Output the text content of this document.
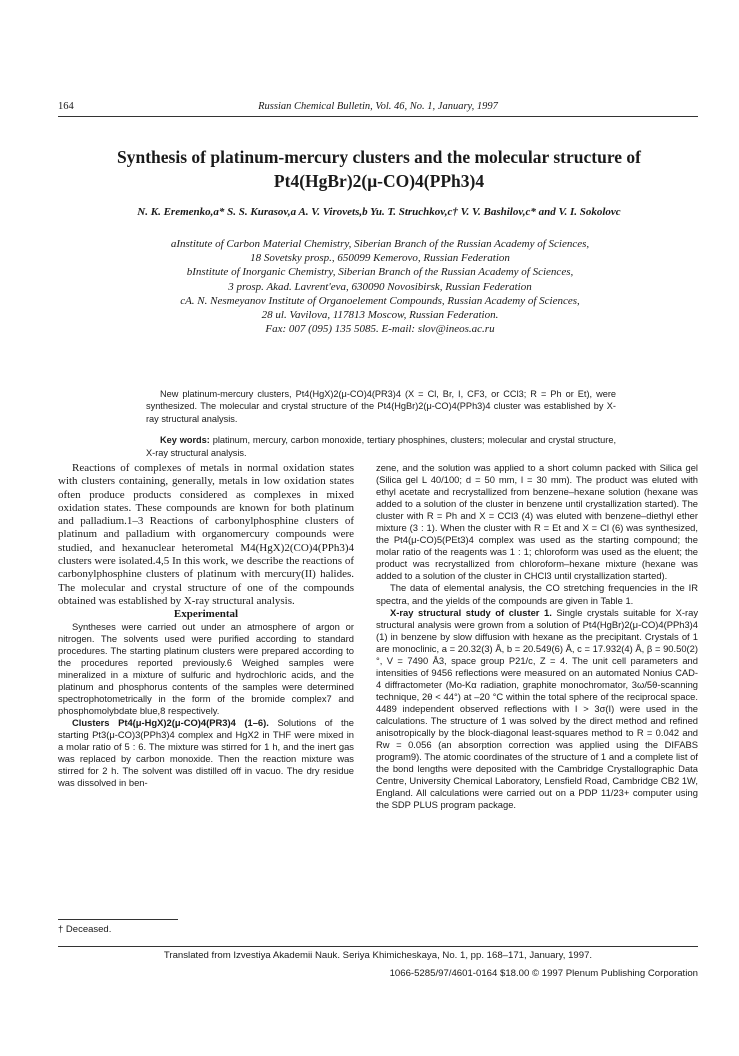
Russian Chemical Bulletin, Vol. 46, No. 1, January, 1997
164
Synthesis of platinum-mercury clusters and the molecular structure of
Pt4(HgBr)2(μ-CO)4(PPh3)4
N. K. Eremenko,a* S. S. Kurasov,a A. V. Virovets,b Yu. T. Struchkov,c† V. V. Bashilov,c* and V. I. Sokolovc
aInstitute of Carbon Material Chemistry, Siberian Branch of the Russian Academy of Sciences,
18 Sovetsky prosp., 650099 Kemerovo, Russian Federation
bInstitute of Inorganic Chemistry, Siberian Branch of the Russian Academy of Sciences,
3 prosp. Akad. Lavrent'eva, 630090 Novosibirsk, Russian Federation
cA. N. Nesmeyanov Institute of Organoelement Compounds, Russian Academy of Sciences,
28 ul. Vavilova, 117813 Moscow, Russian Federation.
Fax: 007 (095) 135 5085. E-mail: slov@ineos.ac.ru

New platinum-mercury clusters, Pt4(HgX)2(μ-CO)4(PR3)4 (X = Cl, Br, I, CF3, or CCl3; R = Ph or Et), were synthesized. The molecular and crystal structure of the Pt4(HgBr)2(μ-CO)4(PPh3)4 cluster was established by X-ray structural analysis.

Key words: platinum, mercury, carbon monoxide, tertiary phosphines, clusters; molecular and crystal structure, X-ray structural analysis.

Reactions of complexes of metals in normal oxidation states with clusters containing, generally, metals in low oxidation states often produce products considered as complexes in mixed oxidation states. These compounds are known for both platinum and palladium.1–3 Reactions of carbonylphosphine clusters of platinum and palladium with organomercury compounds were studied, and hexanuclear heterometal M4(HgX)2(CO)4(PPh3)4 clusters were isolated.4,5 In this work, we describe the reactions of carbonylphosphine clusters of platinum with mercury(II) halides. The molecular and crystal structure of one of the compounds obtained was established by X-ray structural analysis.

Experimental

Syntheses were carried out under an atmosphere of argon or nitrogen. The solvents used were purified according to standard procedures. The starting platinum clusters were prepared according to the procedures reported previously.6 Weighed samples were mineralized in a mixture of sulfuric and hydrochloric acids, and the platinum and phosphorus contents of the samples were determined spectrophotometrically in the form of the bromide complex7 and phosphomolybdate blue,8 respectively.

Clusters Pt4(μ-HgX)2(μ-CO)4(PR3)4 (1–6). Solutions of the starting Pt3(μ-CO)3(PPh3)4 complex and HgX2 in THF were mixed in a molar ratio of 5 : 6. The mixture was stirred for 1 h, and the inert gas was replaced by carbon monoxide. Then the reaction mixture was stirred for 2 h. The solvent was distilled off in vacuo. The dry residue was dissolved in ben-

zene, and the solution was applied to a short column packed with Silica gel (Silica gel L 40/100; d = 50 mm, l = 30 mm). The product was eluted with ethyl acetate and recrystallized from benzene–hexane solution (hexane was added to a solution of the cluster in benzene until crystallization started). The cluster with R = Ph and X = CCl3 (4) was eluted with benzene–diethyl ether mixture (3 : 1). When the cluster with R = Et and X = Cl (6) was synthesized, the Pt4(μ-CO)5(PEt3)4 complex was used as the starting compound; the molar ratio of the reagents was 1 : 1; chloroform was used as the eluent; the product was recrystallized from chloroform–hexane mixture (hexane was added to a solution of the cluster in CHCl3 until crystallization started).

The data of elemental analysis, the CO stretching frequencies in the IR spectra, and the yields of the compounds are given in Table 1.

X-ray structural study of cluster 1. Single crystals suitable for X-ray structural analysis were grown from a solution of Pt4(HgBr)2(μ-CO)4(PPh3)4 (1) in benzene by slow diffusion with hexane as the precipitant. Crystals of 1 are monoclinic, a = 20.32(3) Å, b = 20.549(6) Å, c = 17.932(4) Å, β = 90.50(2)°, V = 7490 Å3, space group P21/c, Z = 4. The unit cell parameters and intensities of 9456 reflections were measured on an automated Nonius CAD-4 diffractometer (Mo-Kα radiation, graphite monochromator, 3ω/5θ-scanning technique, 2θ < 44°) at –20 °C within the total sphere of the reciprocal space. 4489 independent observed reflections with I > 3σ(I) were used in the calculations. The structure of 1 was solved by the direct method and refined anisotropically by the block-diagonal least-squares method to R = 0.042 and Rw = 0.056 (an absorption correction was applied using the DIFABS program9). The atomic coordinates of the structure of 1 and a complete list of the bond lengths were deposited with the Cambridge Crystallographic Data Centre, University Chemical Laboratory, Lensfield Road, Cambridge CB2 1W, England. All calculations were carried out on a PDP 11/23+ computer using the SDP PLUS program package.

† Deceased.
Translated from Izvestiya Akademii Nauk. Seriya Khimicheskaya, No. 1, pp. 168–171, January, 1997.
1066-5285/97/4601-0164 $18.00 © 1997 Plenum Publishing Corporation
